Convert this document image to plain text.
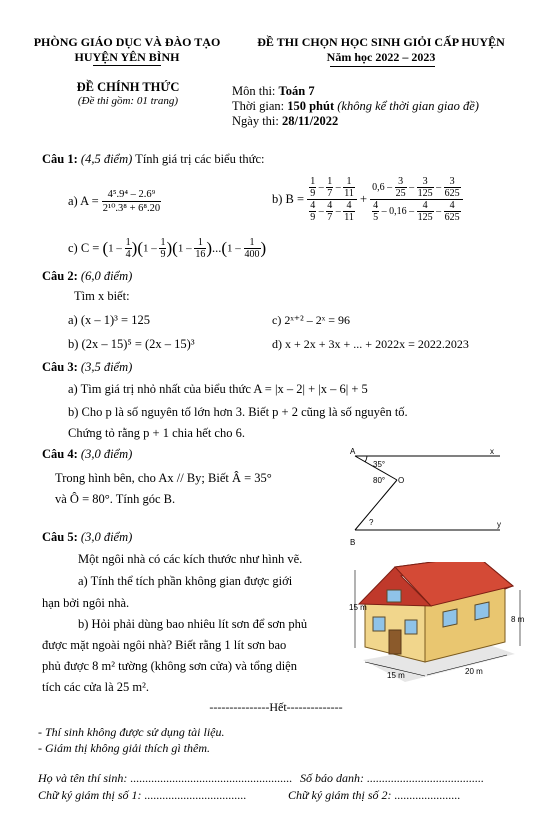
PHÒNG GIÁO DỤC VÀ ĐÀO TẠO
HUYỆN YÊN BÌNH
ĐỀ THI CHỌN HỌC SINH GIỎI CẤP HUYỆN
Năm học 2022 – 2023
ĐỀ CHÍNH THỨC
(Đề thi gồm: 01 trang)
Môn thi: Toán 7
Thời gian: 150 phút (không kể thời gian giao đề)
Ngày thi: 28/11/2022
Câu 1: (4,5 điểm) Tính giá trị các biểu thức:
a) $A = \frac{\text{4⁵.9⁴ – 2.6⁹}}{\text{2¹⁰.3⁸ + 6⁸.20}}$	b) $B = \frac{\frac{1}{9} - \frac{1}{7} - \frac{1}{11}}{\frac{4}{9} - \frac{4}{7} - \frac{4}{11}} + \frac{0,6 - \frac{3}{25} - \frac{3}{125} - \frac{3}{625}}{\frac{4}{5} - 0,16 - \frac{4}{125} - \frac{4}{625}}$
c) $C = (1 - \frac{1}{4} )(1 - \frac{1}{9} )(1 - \frac{1}{16} )...(1 - \frac{1}{400}$ )
Câu 2: (6,0 điểm)
Tìm x biết:
a) (x – 1)³ = 125	c) 2ˣ⁺² – 2ˣ = 96
b) (2x – 15)⁵ = (2x – 15)³	d) x + 2x + 3x + ... + 2022x = 2022.2023
Câu 3: (3,5 điểm)
a) Tìm giá trị nhỏ nhất của biểu thức A = |x – 2| + |x – 6| + 5
b) Cho p là số nguyên tố lớn hơn 3. Biết p + 2 cũng là số nguyên tố.
Chứng tỏ rằng p + 1 chia hết cho 6.
Câu 4: (3,0 điểm)
Trong hình bên, cho Ax // By; Biết Â = 35°
và Ô = 80°. Tính góc B.
A	x
35°
80° O
?
B
y
Câu 5: (3,0 điểm)
Một ngôi nhà có các kích thước như hình vẽ.
a) Tính thể tích phần không gian được giới
hạn bởi ngôi nhà.
b) Hỏi phải dùng bao nhiêu lít sơn để sơn phủ
được mặt ngoài ngôi nhà? Biết rằng 1 lít sơn bao
phủ được 8 m² tường (không sơn cửa) và tổng diện
tích các cửa là 25 m².
15 m
8 m
15 m	20 m
---------------Hết--------------
- Thí sinh không được sử dụng tài liệu.
- Giám thị không giải thích gì thêm.
Họ và tên thí sinh: ...................................................... Số báo danh: .......................................
Chữ ký giám thị số 1: ..................................	Chữ ký giám thị số 2: ......................
